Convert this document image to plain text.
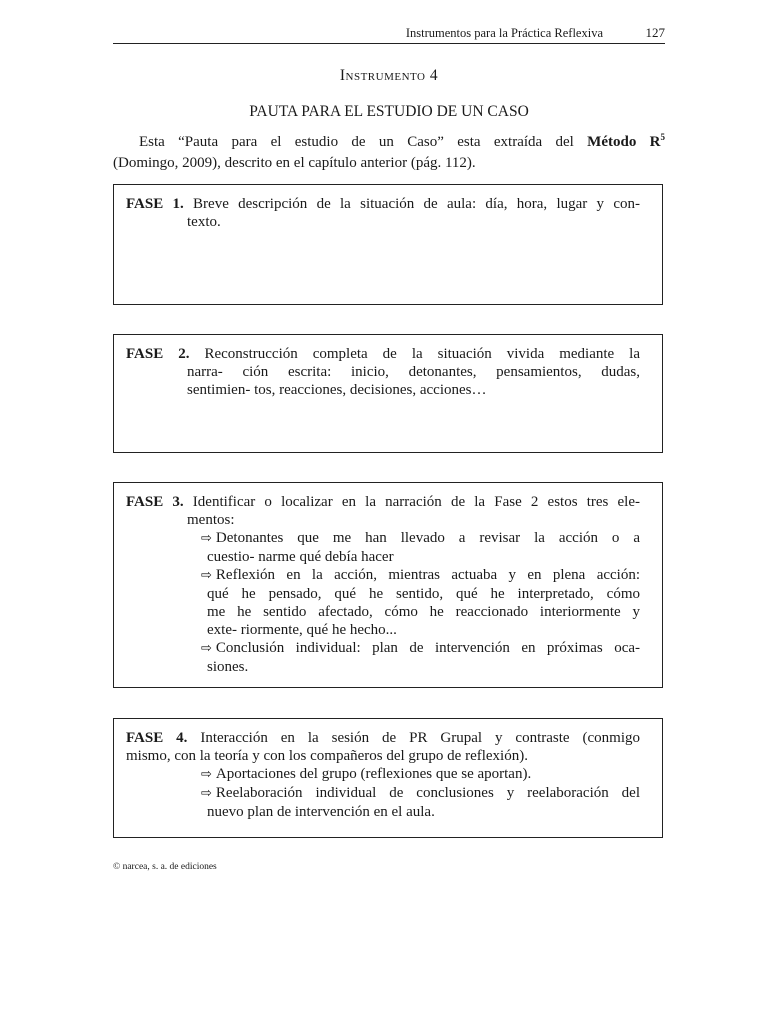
Instrumentos para la Práctica Reflexiva	127
Instrumento 4
PAUTA PARA EL ESTUDIO DE UN CASO
Esta “Pauta para el estudio de un Caso” esta extraída del Método $R^5$
(Domingo, 2009), descrito en el capítulo anterior (pág. 112).
FASE 1. Breve descripción de la situación de aula: día, hora, lugar y con-
texto.
FASE 2. Reconstrucción completa de la situación vivida mediante la
narra- ción escrita: inicio, detonantes, pensamientos, dudas,
sentimien- tos, reacciones, decisiones, acciones…
FASE 3. Identificar o localizar en la narración de la Fase 2 estos tres ele-
mentos:
⇨ Detonantes que me han llevado a revisar la acción o a
cuestio- narme qué debía hacer
⇨ Reflexión en la acción, mientras actuaba y en plena acción:
qué he pensado, qué he sentido, qué he interpretado, cómo
me he sentido afectado, cómo he reaccionado interiormente y
exte- riormente, qué he hecho...
⇨ Conclusión individual: plan de intervención en próximas oca-
siones.
FASE 4. Interacción en la sesión de PR Grupal y contraste (conmigo
mismo, con la teoría y con los compañeros del grupo de reflexión).
⇨ Aportaciones del grupo (reflexiones que se aportan).
⇨ Reelaboración individual de conclusiones y reelaboración del
nuevo plan de intervención en el aula.
© narcea, s. a. de ediciones
